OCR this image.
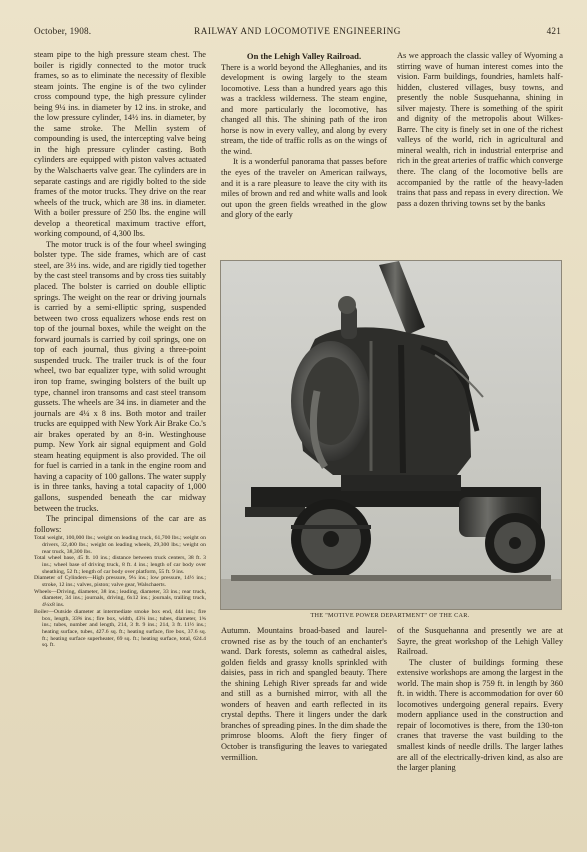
October, 1908.	RAILWAY AND LOCOMOTIVE ENGINEERING	421

steam pipe to the high pressure steam chest. The boiler is rigidly connected to the motor truck frames, so as to eliminate the necessity of flexible steam joints. The engine is of the two cylinder cross compound type, the high pressure cylinder being 9¼ ins. in diameter by 12 ins. in stroke, and the low pressure cylinder, 14½ ins. in diameter, by the same stroke. The Mellin system of compounding is used, the intercepting valve being in the high pressure cylinder casting. Both cylinders are equipped with piston valves actuated by the Walschaerts valve gear. The cylinders are in separate castings and are rigidly bolted to the side frames of the motor trucks. They drive on the rear wheels of the truck, which are 38 ins. in diameter. With a boiler pressure of 250 lbs. the engine will develop a theoretical maximum tractive effort, working compound, of 4,300 lbs.

The motor truck is of the four wheel swinging bolster type. The side frames, which are of cast steel, are 3½ ins. wide, and are rigidly tied together by the cast steel transoms and by cross ties suitably placed. The bolster is carried on double elliptic springs. The weight on the rear or driving journals is carried by a semi-elliptic spring, suspended between two cross equalizers whose ends rest on top of the journal boxes, while the weight on the forward journals is carried by coil springs, one on top of each journal, thus giving a three-point suspended truck. The trailer truck is of the four wheel, two bar equalizer type, with solid wrought iron top frame, swinging bolsters of the built up type, channel iron transoms and cast steel transom gussets. The wheels are 34 ins. in diameter and the journals are 4¼ x 8 ins. Both motor and trailer trucks are equipped with New York Air Brake Co.'s air brakes operated by an 8-in. Westinghouse pump. New York air signal equipment and Gold steam heating equipment is also provided. The oil for fuel is carried in a tank in the engine room and having a capacity of 100 gallons. The water supply is in three tanks, having a total capacity of 1,000 gallons, suspended beneath the car midway between the trucks.

The principal dimensions of the car are as follows:

Total weight, 100,000 lbs.; weight on leading truck, 61,700 lbs.; weight on drivers, 32,400 lbs.; weight on leading wheels, 29,300 lbs.; weight on rear truck, 38,300 lbs.

Total wheel base, 45 ft. 10 ins.; distance between truck centers, 38 ft. 3 ins.; wheel base of driving truck, 8 ft. 4 ins.; length of car body over sheathing, 52 ft.; length of car body over platform, 55 ft. 9 ins.

Diameter of Cylinders—High pressure, 9¼ ins.; low pressure, 14½ ins.; stroke, 12 ins.; valves, piston; valve gear, Walschaerts.

Wheels—Driving, diameter, 38 ins.; leading, diameter, 33 ins.; rear truck, diameter, 34 ins.; journals, driving, 6x12 ins.; journals, trailing truck, 4¼x8 ins.

Boiler—Outside diameter at intermediate smoke box end, 444 ins.; fire box, length, 33⅝ ins.; fire box, width, 43¼ ins.; tubes, diameter, 1¾ ins.; tubes, number and length, 214, 3 ft. 9 ins.; 214, 3 ft. 11½ ins.; heating surface, tubes, 427.6 sq. ft.; heating surface, fire box, 37.6 sq. ft.; heating surface superheater, 69 sq. ft.; heating surface, total, 624.4 sq. ft.

On the Lehigh Valley Railroad.

There is a world beyond the Alleghanies, and its development is owing largely to the steam locomotive. Less than a hundred years ago this was a trackless wilderness. The steam engine, and more particularly the locomotive, has changed all this. The shining path of the iron horse is now in every valley, and along by every stream, the tide of traffic rolls as on the wings of the wind.

It is a wonderful panorama that passes before the eyes of the traveler on American railways, and it is a rare pleasure to leave the city with its miles of brown and red and white walls and look out upon the green fields wreathed in the glow and glory of the early

As we approach the classic valley of Wyoming a stirring wave of human interest comes into the vision. Farm buildings, foundries, hamlets half-hidden, clustered villages, busy towns, and presently the noble Susquehanna, shining in silver majesty. There is something of the spirit and dignity of the metropolis about Wilkes-Barre. The city is finely set in one of the richest valleys of the world, rich in agricultural and mineral wealth, rich in industrial enterprise and rich in the great arteries of traffic which converge there. The clang of the locomotive bells are accompanied by the rattle of the heavy-laden trains that pass and repass in every direction. We pass a dozen thriving towns set by the banks

THE "MOTIVE POWER DEPARTMENT" OF THE CAR.

Autumn. Mountains broad-based and laurel-crowned rise as by the touch of an enchanter's wand. Dark forests, solemn as cathedral aisles, golden fields and grassy knolls sprinkled with daisies, pass in rich and spangled beauty. There the shining Lehigh River spreads far and wide and still as a burnished mirror, with all the wonders of heaven and earth reflected in its crystal depths. There it lingers under the dark branches of spreading pines. In the dim shade the primrose blooms. Aloft the fiery finger of October is transfiguring the leaves to variegated vermillion.

of the Susquehanna and presently we are at Sayre, the great workshop of the Lehigh Valley Railroad.

The cluster of buildings forming these extensive workshops are among the largest in the world. The main shop is 759 ft. in length by 360 ft. in width. There is accommodation for over 60 locomotives undergoing general repairs. Every modern appliance used in the construction and repair of locomotives is there, from the 130-ton cranes that traverse the vast building to the smallest kinds of needle drills. The larger lathes are all of the electrically-driven kind, as also are the larger planing
